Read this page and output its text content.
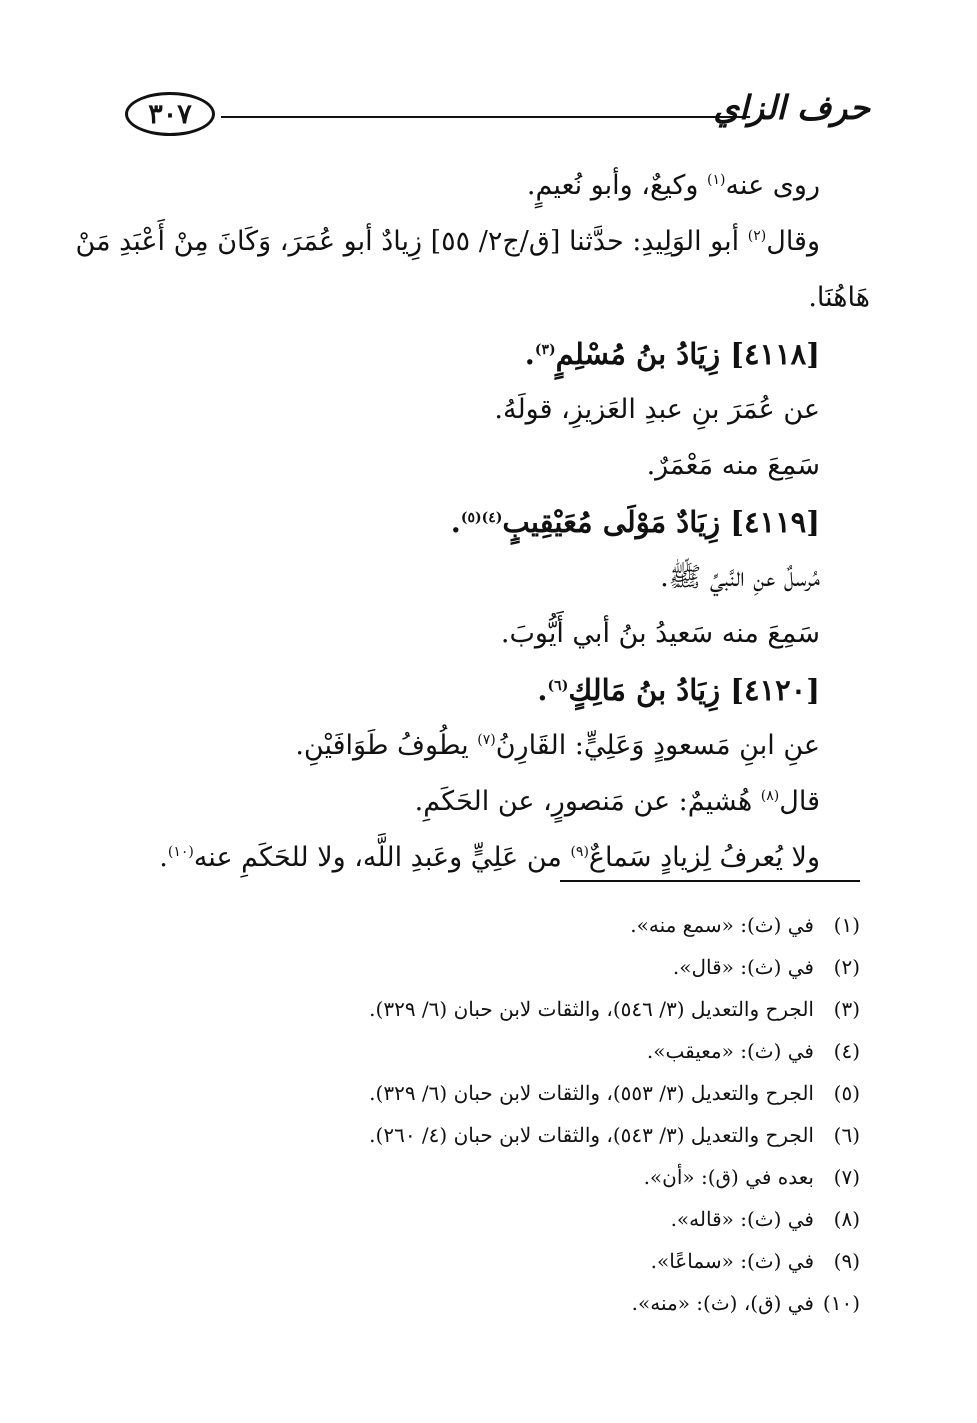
٣٠٧	حرف الزاي
روى عنه$^{(١)}$ وكيعٌ، وأبو نُعيمٍ.
وقال$^{(٢)}$ أبو الوَلِيدِ: حدَّثنا [ق/ج٢/ ٥٥] زِيادٌ أبو عُمَرَ، وَكَانَ مِنْ أَعْبَدِ مَنْ
هَاهُنَا.
[٤١١٨] زِيَادُ بنُ مُسْلِمٍ$^{(٣)}$.
عن عُمَرَ بنِ عبدِ العَزيزِ، قولَهُ.
سَمِعَ منه مَعْمَرٌ.
[٤١١٩] زِيَادٌ مَوْلَى مُعَيْقِيبٍ$^{(٤)(٥)}$.
مُرسلٌ عنِ النَّبيِّ ﷺ.
سَمِعَ منه سَعيدُ بنُ أبي أَيُّوبَ.
[٤١٢٠] زِيَادُ بنُ مَالِكٍ$^{(٦)}$.
عنِ ابنِ مَسعودٍ وَعَلِيٍّ: القَارِنُ$^{(٧)}$ يطُوفُ طَوَافَيْنِ.
قال$^{(٨)}$ هُشيمٌ: عن مَنصورٍ، عن الحَكَمِ.
ولا يُعرفُ لِزيادٍ سَماعٌ$^{(٩)}$ من عَلِيٍّ وعَبدِ اللَّه، ولا للحَكَمِ عنه$^{(١٠)}$.
(١)في (ث): «سمع منه».
(٢)في (ث): «قال».
(٣)الجرح والتعديل (٣/ ٥٤٦)، والثقات لابن حبان (٦/ ٣٢٩).
(٤)في (ث): «معيقب».
(٥)الجرح والتعديل (٣/ ٥٥٣)، والثقات لابن حبان (٦/ ٣٢٩).
(٦)الجرح والتعديل (٣/ ٥٤٣)، والثقات لابن حبان (٤/ ٢٦٠).
(٧)بعده في (ق): «أن».
(٨)في (ث): «قاله».
(٩)في (ث): «سماعًا».
(١٠)في (ق)، (ث): «منه».
